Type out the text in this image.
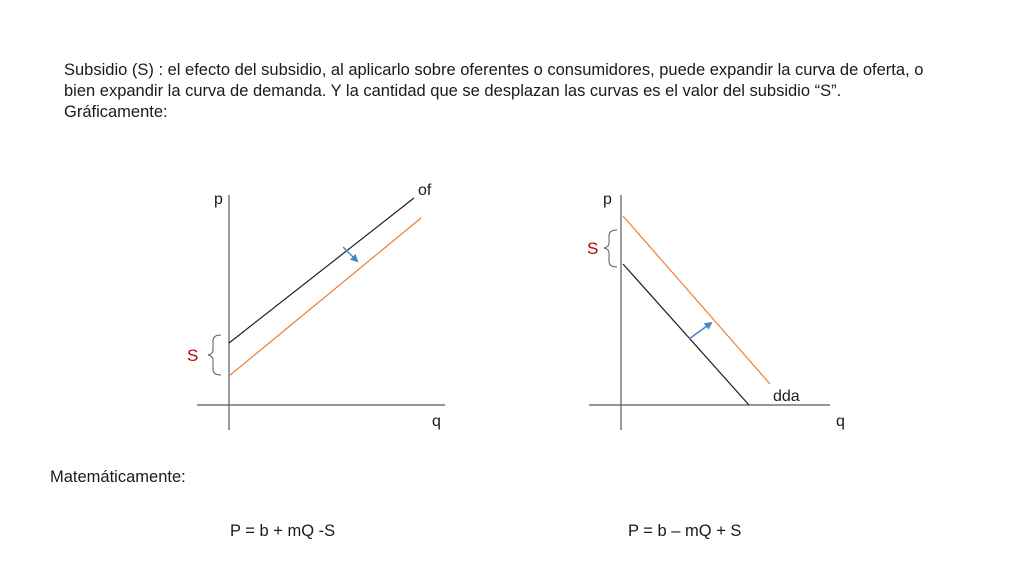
Subsidio (S) : el efecto del subsidio, al aplicarlo sobre oferentes o consumidores, puede expandir la curva de oferta, o
bien expandir la curva de demanda. Y la cantidad que se desplazan las curvas es el valor del subsidio “S”.
Gráficamente:
p
q
of
S
p
q
dda
S

Matemáticamente:

P = b + mQ -S	P = b – mQ + S
